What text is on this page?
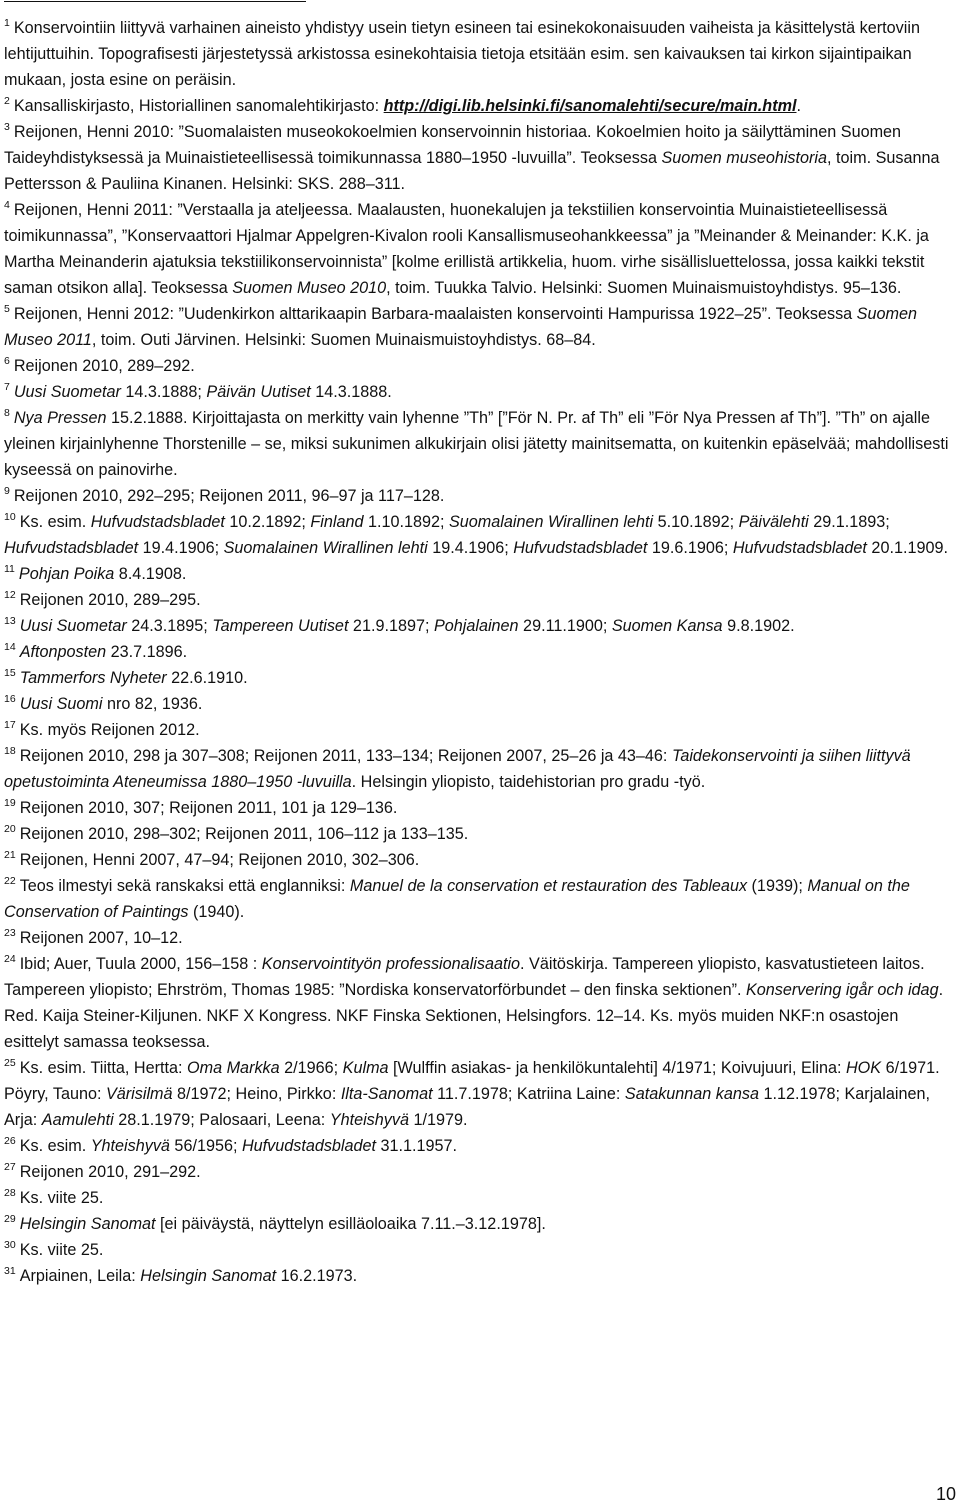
$^1$ Konservointiin liittyvä varhainen aineisto yhdistyy usein tietyn esineen tai esinekokonaisuuden vaiheista ja käsittelystä kertoviin lehtijuttuihin. Topografisesti järjestetyssä arkistossa esinekohtaisia tietoja etsitään esim. sen kaivauksen tai kirkon sijaintipaikan mukaan, josta esine on peräisin.

$^2$ Kansalliskirjasto, Historiallinen sanomalehtikirjasto: http://digi.lib.helsinki.fi/sanomalehti/secure/main.html.

$^3$ Reijonen, Henni 2010: ”Suomalaisten museokokoelmien konservoinnin historiaa. Kokoelmien hoito ja säilyttäminen Suomen Taideyhdistyksessä ja Muinaistieteellisessä toimikunnassa 1880–1950 -luvuilla”. Teoksessa Suomen museohistoria, toim. Susanna Pettersson & Pauliina Kinanen. Helsinki: SKS. 288–311.

$^4$ Reijonen, Henni 2011: ”Verstaalla ja ateljeessa. Maalausten, huonekalujen ja tekstiilien konservointia Muinaistieteellisessä toimikunnassa”, ”Konservaattori Hjalmar Appelgren-Kivalon rooli Kansallismuseohankkeessa” ja ”Meinander & Meinander: K.K. ja Martha Meinanderin ajatuksia tekstiilikonservoinnista” [kolme erillistä artikkelia, huom. virhe sisällisluettelossa, jossa kaikki tekstit saman otsikon alla]. Teoksessa Suomen Museo 2010, toim. Tuukka Talvio. Helsinki: Suomen Muinaismuistoyhdistys. 95–136.

$^5$ Reijonen, Henni 2012: ”Uudenkirkon alttarikaapin Barbara-maalaisten konservointi Hampurissa 1922–25”. Teoksessa Suomen Museo 2011, toim. Outi Järvinen. Helsinki: Suomen Muinaismuistoyhdistys. 68–84.

$^6$ Reijonen 2010, 289–292.

$^7$ Uusi Suometar 14.3.1888; Päivän Uutiset 14.3.1888.

$^8$ Nya Pressen 15.2.1888. Kirjoittajasta on merkitty vain lyhenne ”Th” [”För N. Pr. af Th” eli ”För Nya Pressen af Th”]. ”Th” on ajalle yleinen kirjainlyhenne Thorstenille – se, miksi sukunimen alkukirjain olisi jätetty mainitsematta, on kuitenkin epäselvää; mahdollisesti kyseessä on painovirhe.

$^9$ Reijonen 2010, 292–295; Reijonen 2011, 96–97 ja 117–128.

$^{10}$ Ks. esim. Hufvudstadsbladet 10.2.1892; Finland 1.10.1892; Suomalainen Wirallinen lehti 5.10.1892; Päivälehti 29.1.1893; Hufvudstadsbladet 19.4.1906; Suomalainen Wirallinen lehti 19.4.1906; Hufvudstadsbladet 19.6.1906; Hufvudstadsbladet 20.1.1909.

$^{11}$ Pohjan Poika 8.4.1908.

$^{12}$ Reijonen 2010, 289–295.

$^{13}$ Uusi Suometar 24.3.1895; Tampereen Uutiset 21.9.1897; Pohjalainen 29.11.1900; Suomen Kansa 9.8.1902.

$^{14}$ Aftonposten 23.7.1896.

$^{15}$ Tammerfors Nyheter 22.6.1910.

$^{16}$ Uusi Suomi nro 82, 1936.

$^{17}$ Ks. myös Reijonen 2012.

$^{18}$ Reijonen 2010, 298 ja 307–308; Reijonen 2011, 133–134; Reijonen 2007, 25–26 ja 43–46: Taidekonservointi ja siihen liittyvä opetustoiminta Ateneumissa 1880–1950 -luvuilla. Helsingin yliopisto, taidehistorian pro gradu -työ.

$^{19}$ Reijonen 2010, 307; Reijonen 2011, 101 ja 129–136.

$^{20}$ Reijonen 2010, 298–302; Reijonen 2011, 106–112 ja 133–135.

$^{21}$ Reijonen, Henni 2007, 47–94; Reijonen 2010, 302–306.

$^{22}$ Teos ilmestyi sekä ranskaksi että englanniksi: Manuel de la conservation et restauration des Tableaux (1939); Manual on the Conservation of Paintings (1940).

$^{23}$ Reijonen 2007, 10–12.

$^{24}$ Ibid; Auer, Tuula 2000, 156–158 : Konservointityön professionalisaatio. Väitöskirja. Tampereen yliopisto, kasvatustieteen laitos. Tampereen yliopisto; Ehrström, Thomas 1985: ”Nordiska konservatorförbundet – den finska sektionen”. Konservering igår och idag. Red. Kaija Steiner-Kiljunen. NKF X Kongress. NKF Finska Sektionen, Helsingfors. 12–14. Ks. myös muiden NKF:n osastojen esittelyt samassa teoksessa.

$^{25}$ Ks. esim. Tiitta, Hertta: Oma Markka 2/1966; Kulma [Wulffin asiakas- ja henkilökuntalehti] 4/1971; Koivujuuri, Elina: HOK 6/1971. Pöyry, Tauno: Värisilmä 8/1972; Heino, Pirkko: Ilta-Sanomat 11.7.1978; Katriina Laine: Satakunnan kansa 1.12.1978; Karjalainen, Arja: Aamulehti 28.1.1979; Palosaari, Leena: Yhteishyvä 1/1979.

$^{26}$ Ks. esim. Yhteishyvä 56/1956; Hufvudstadsbladet 31.1.1957.

$^{27}$ Reijonen 2010, 291–292.

$^{28}$ Ks. viite 25.

$^{29}$ Helsingin Sanomat [ei päiväystä, näyttelyn esilläoloaika 7.11.–3.12.1978].

$^{30}$ Ks. viite 25.

$^{31}$ Arpiainen, Leila: Helsingin Sanomat 16.2.1973.

10
